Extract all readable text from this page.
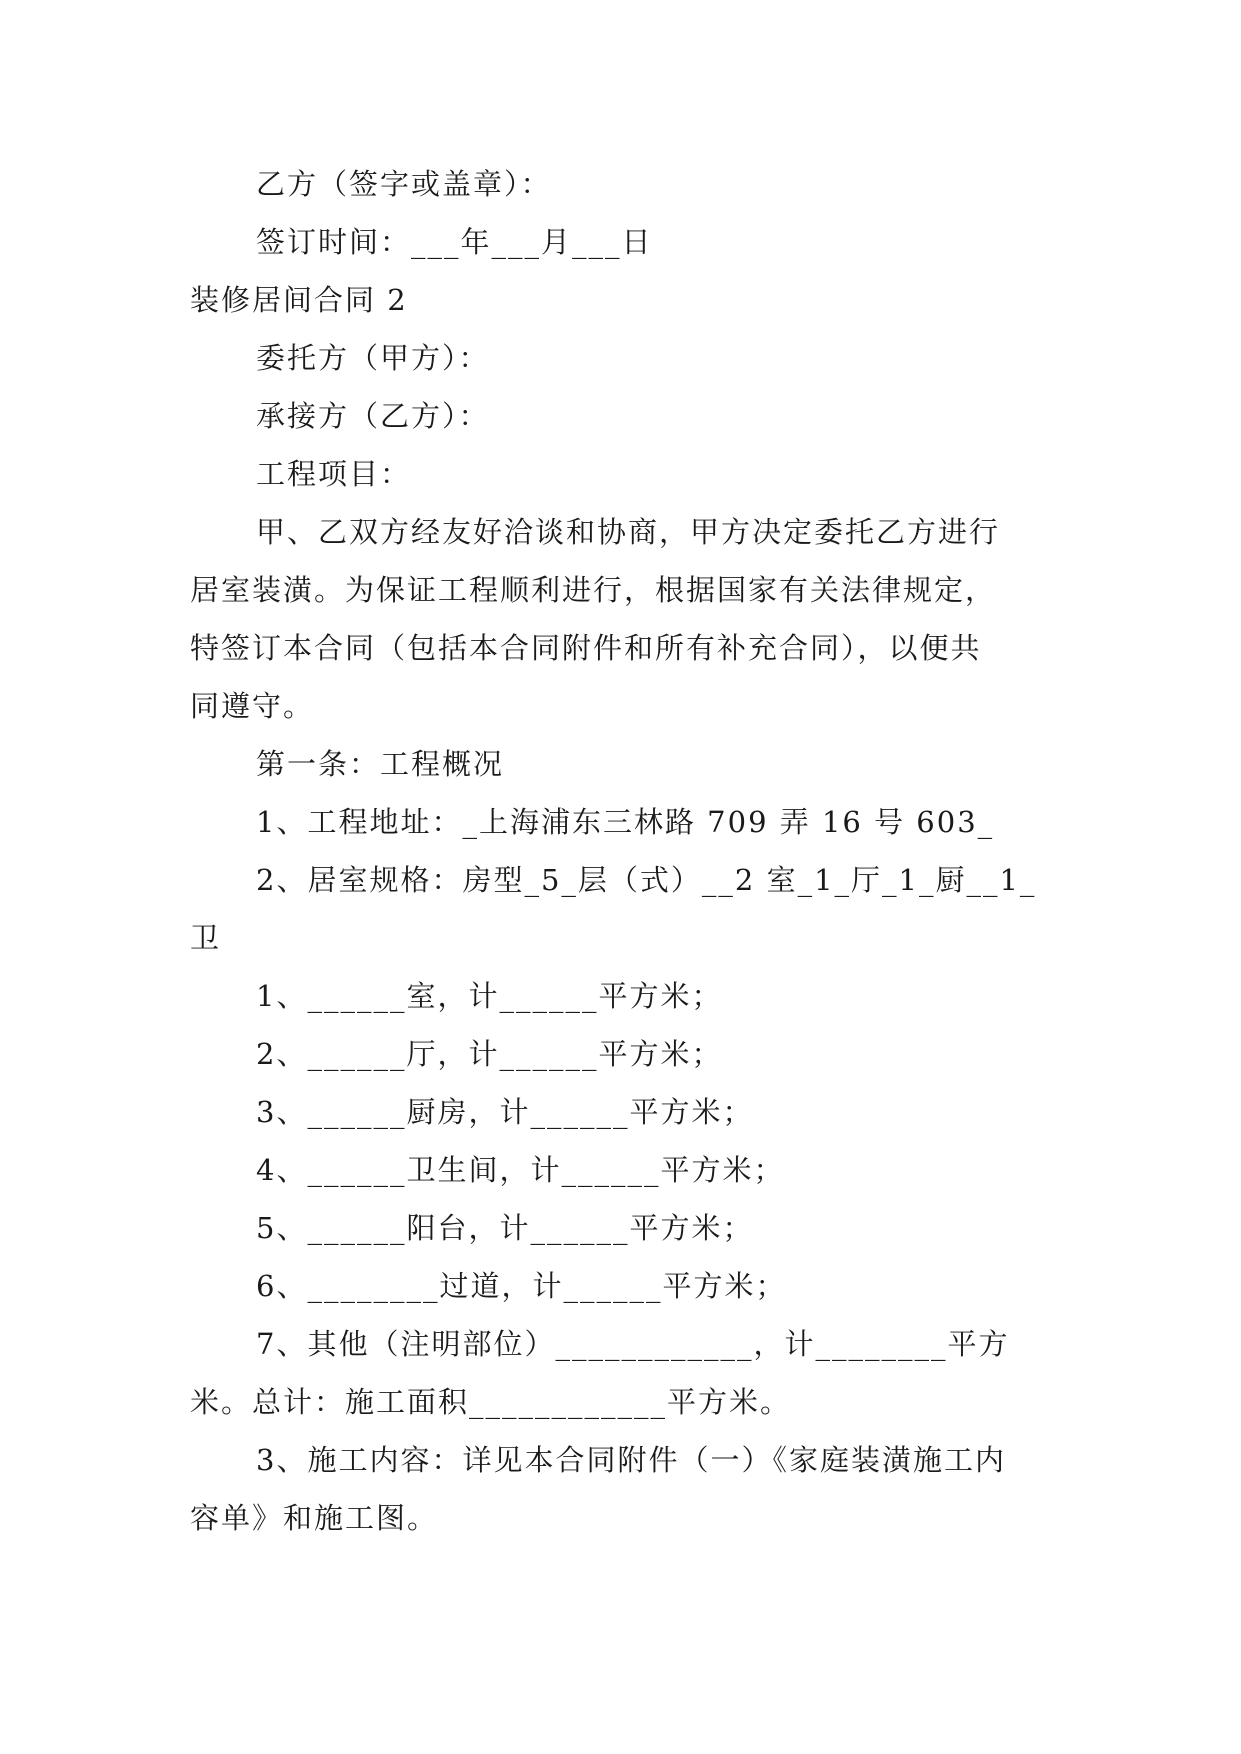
乙方（签字或盖章）：
签订时间：___年___月___日
装修居间合同 2
委托方（甲方）：
承接方（乙方）：
工程项目：
甲、乙双方经友好洽谈和协商，甲方决定委托乙方进行
居室装潢。为保证工程顺利进行，根据国家有关法律规定，
特签订本合同（包括本合同附件和所有补充合同），以便共
同遵守。
第一条：工程概况
1、工程地址：_上海浦东三林路 709 弄 16 号 603_
2、居室规格：房型_5_层（式）__2 室_1_厅_1_厨__1_
卫
1、______室，计______平方米；
2、______厅，计______平方米；
3、______厨房，计______平方米；
4、______卫生间，计______平方米；
5、______阳台，计______平方米；
6、________过道，计______平方米；
7、其他（注明部位）____________，计________平方
米。总计：施工面积____________平方米。
3、施工内容：详见本合同附件（一）《家庭装潢施工内
容单》和施工图。
